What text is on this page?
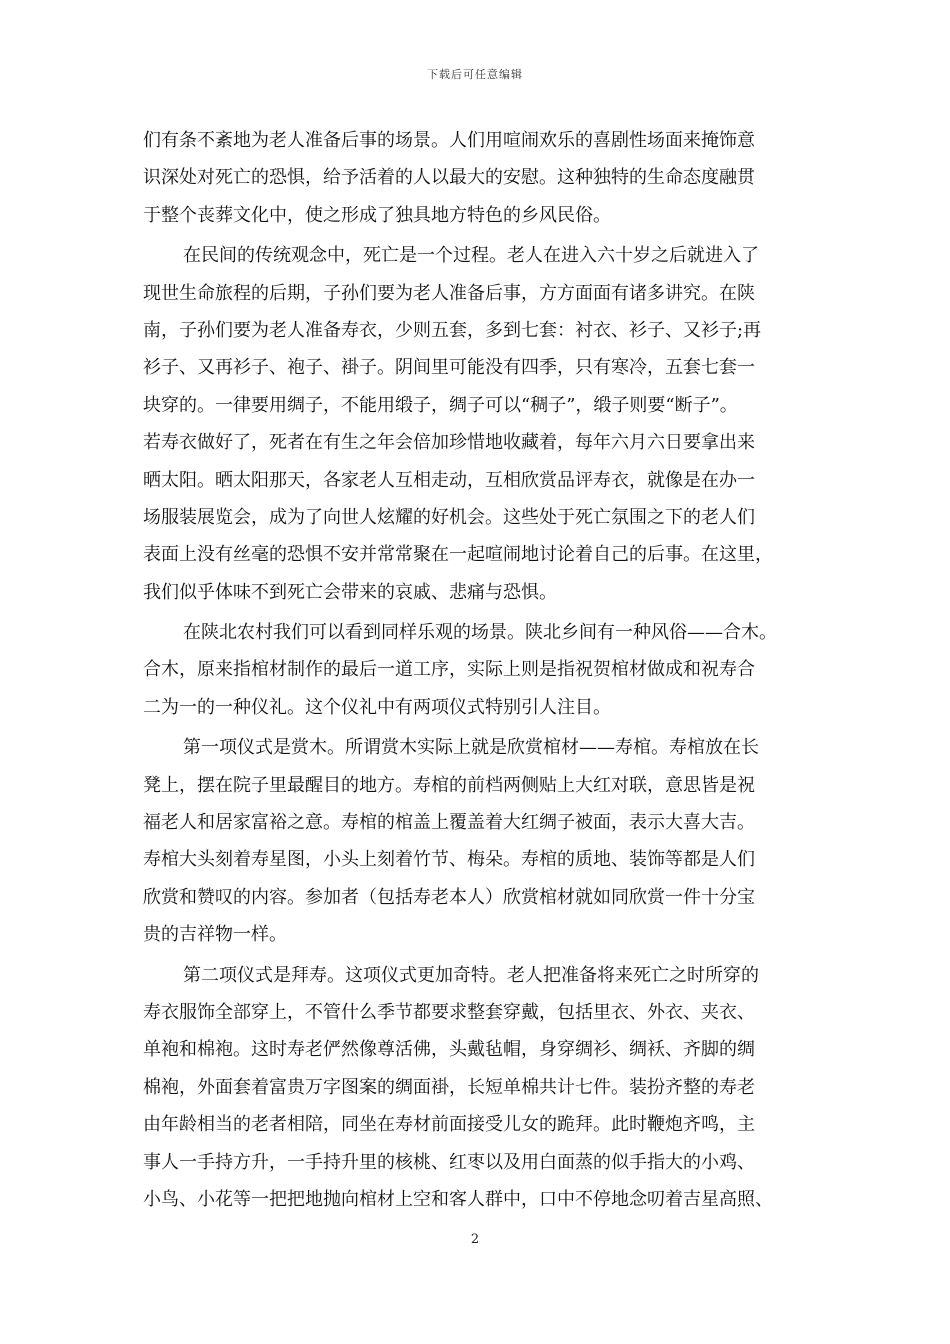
下载后可任意编辑
们有条不紊地为老人准备后事的场景。人们用喧闹欢乐的喜剧性场面来掩饰意
识深处对死亡的恐惧，给予活着的人以最大的安慰。这种独特的生命态度融贯
于整个丧葬文化中，使之形成了独具地方特色的乡风民俗。
在民间的传统观念中，死亡是一个过程。老人在进入六十岁之后就进入了
现世生命旅程的后期，子孙们要为老人准备后事，方方面面有诸多讲究。在陕
南，子孙们要为老人准备寿衣，少则五套，多到七套：衬衣、衫子、又衫子;再
衫子、又再衫子、袍子、褂子。阴间里可能没有四季，只有寒冷，五套七套一
块穿的。一律要用绸子，不能用缎子，绸子可以“稠子”，缎子则要“断子”。
若寿衣做好了，死者在有生之年会倍加珍惜地收藏着，每年六月六日要拿出来
晒太阳。晒太阳那天，各家老人互相走动，互相欣赏品评寿衣，就像是在办一
场服装展览会，成为了向世人炫耀的好机会。这些处于死亡氛围之下的老人们
表面上没有丝毫的恐惧不安并常常聚在一起喧闹地讨论着自己的后事。在这里，
我们似乎体味不到死亡会带来的哀戚、悲痛与恐惧。
在陕北农村我们可以看到同样乐观的场景。陕北乡间有一种风俗——合木。
合木，原来指棺材制作的最后一道工序，实际上则是指祝贺棺材做成和祝寿合
二为一的一种仪礼。这个仪礼中有两项仪式特别引人注目。
第一项仪式是赏木。所谓赏木实际上就是欣赏棺材——寿棺。寿棺放在长
凳上，摆在院子里最醒目的地方。寿棺的前档两侧贴上大红对联，意思皆是祝
福老人和居家富裕之意。寿棺的棺盖上覆盖着大红绸子被面，表示大喜大吉。
寿棺大头刻着寿星图，小头上刻着竹节、梅朵。寿棺的质地、装饰等都是人们
欣赏和赞叹的内容。参加者（包括寿老本人）欣赏棺材就如同欣赏一件十分宝
贵的吉祥物一样。
第二项仪式是拜寿。这项仪式更加奇特。老人把准备将来死亡之时所穿的
寿衣服饰全部穿上，不管什么季节都要求整套穿戴，包括里衣、外衣、夹衣、
单袍和棉袍。这时寿老俨然像尊活佛，头戴毡帽，身穿绸衫、绸袄、齐脚的绸
棉袍，外面套着富贵万字图案的绸面褂，长短单棉共计七件。装扮齐整的寿老
由年龄相当的老者相陪，同坐在寿材前面接受儿女的跪拜。此时鞭炮齐鸣，主
事人一手持方升，一手持升里的核桃、红枣以及用白面蒸的似手指大的小鸡、
小鸟、小花等一把把地抛向棺材上空和客人群中，口中不停地念叨着吉星高照、
2
